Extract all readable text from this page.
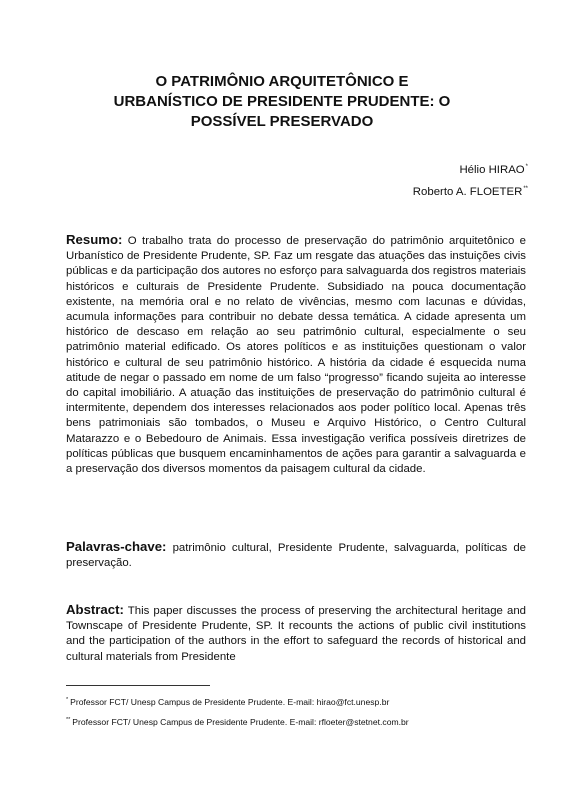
O PATRIMÔNIO ARQUITETÔNICO E URBANÍSTICO DE PRESIDENTE PRUDENTE: O POSSÍVEL PRESERVADO
Hélio HIRAO*
Roberto A. FLOETER**

Resumo: O trabalho trata do processo de preservação do patrimônio arquitetônico e Urbanístico de Presidente Prudente, SP. Faz um resgate das atuações das instuições civis públicas e da participação dos autores no esforço para salvaguarda dos registros materiais históricos e culturais de Presidente Prudente. Subsidiado na pouca documentação existente, na memória oral e no relato de vivências, mesmo com lacunas e dúvidas, acumula informações para contribuir no debate dessa temática. A cidade apresenta um histórico de descaso em relação ao seu patrimônio cultural, especialmente o seu patrimônio material edificado. Os atores políticos e as instituições questionam o valor histórico e cultural de seu patrimônio histórico. A história da cidade é esquecida numa atitude de negar o passado em nome de um falso “progresso” ficando sujeita ao interesse do capital imobiliário. A atuação das instituições de preservação do patrimônio cultural é intermitente, dependem dos interesses relacionados aos poder político local. Apenas três bens patrimoniais são tombados, o Museu e Arquivo Histórico, o Centro Cultural Matarazzo e o Bebedouro de Animais. Essa investigação verifica possíveis diretrizes de políticas públicas que busquem encaminhamentos de ações para garantir a salvaguarda e a preservação dos diversos momentos da paisagem cultural da cidade.

Palavras-chave: patrimônio cultural, Presidente Prudente, salvaguarda, políticas de preservação.

Abstract: This paper discusses the process of preserving the architectural heritage and Townscape of Presidente Prudente, SP. It recounts the actions of public civil institutions and the participation of the authors in the effort to safeguard the records of historical and cultural materials from Presidente

* Professor FCT/ Unesp Campus de Presidente Prudente. E-mail: hirao@fct.unesp.br
** Professor FCT/ Unesp Campus de Presidente Prudente. E-mail: rfloeter@stetnet.com.br
